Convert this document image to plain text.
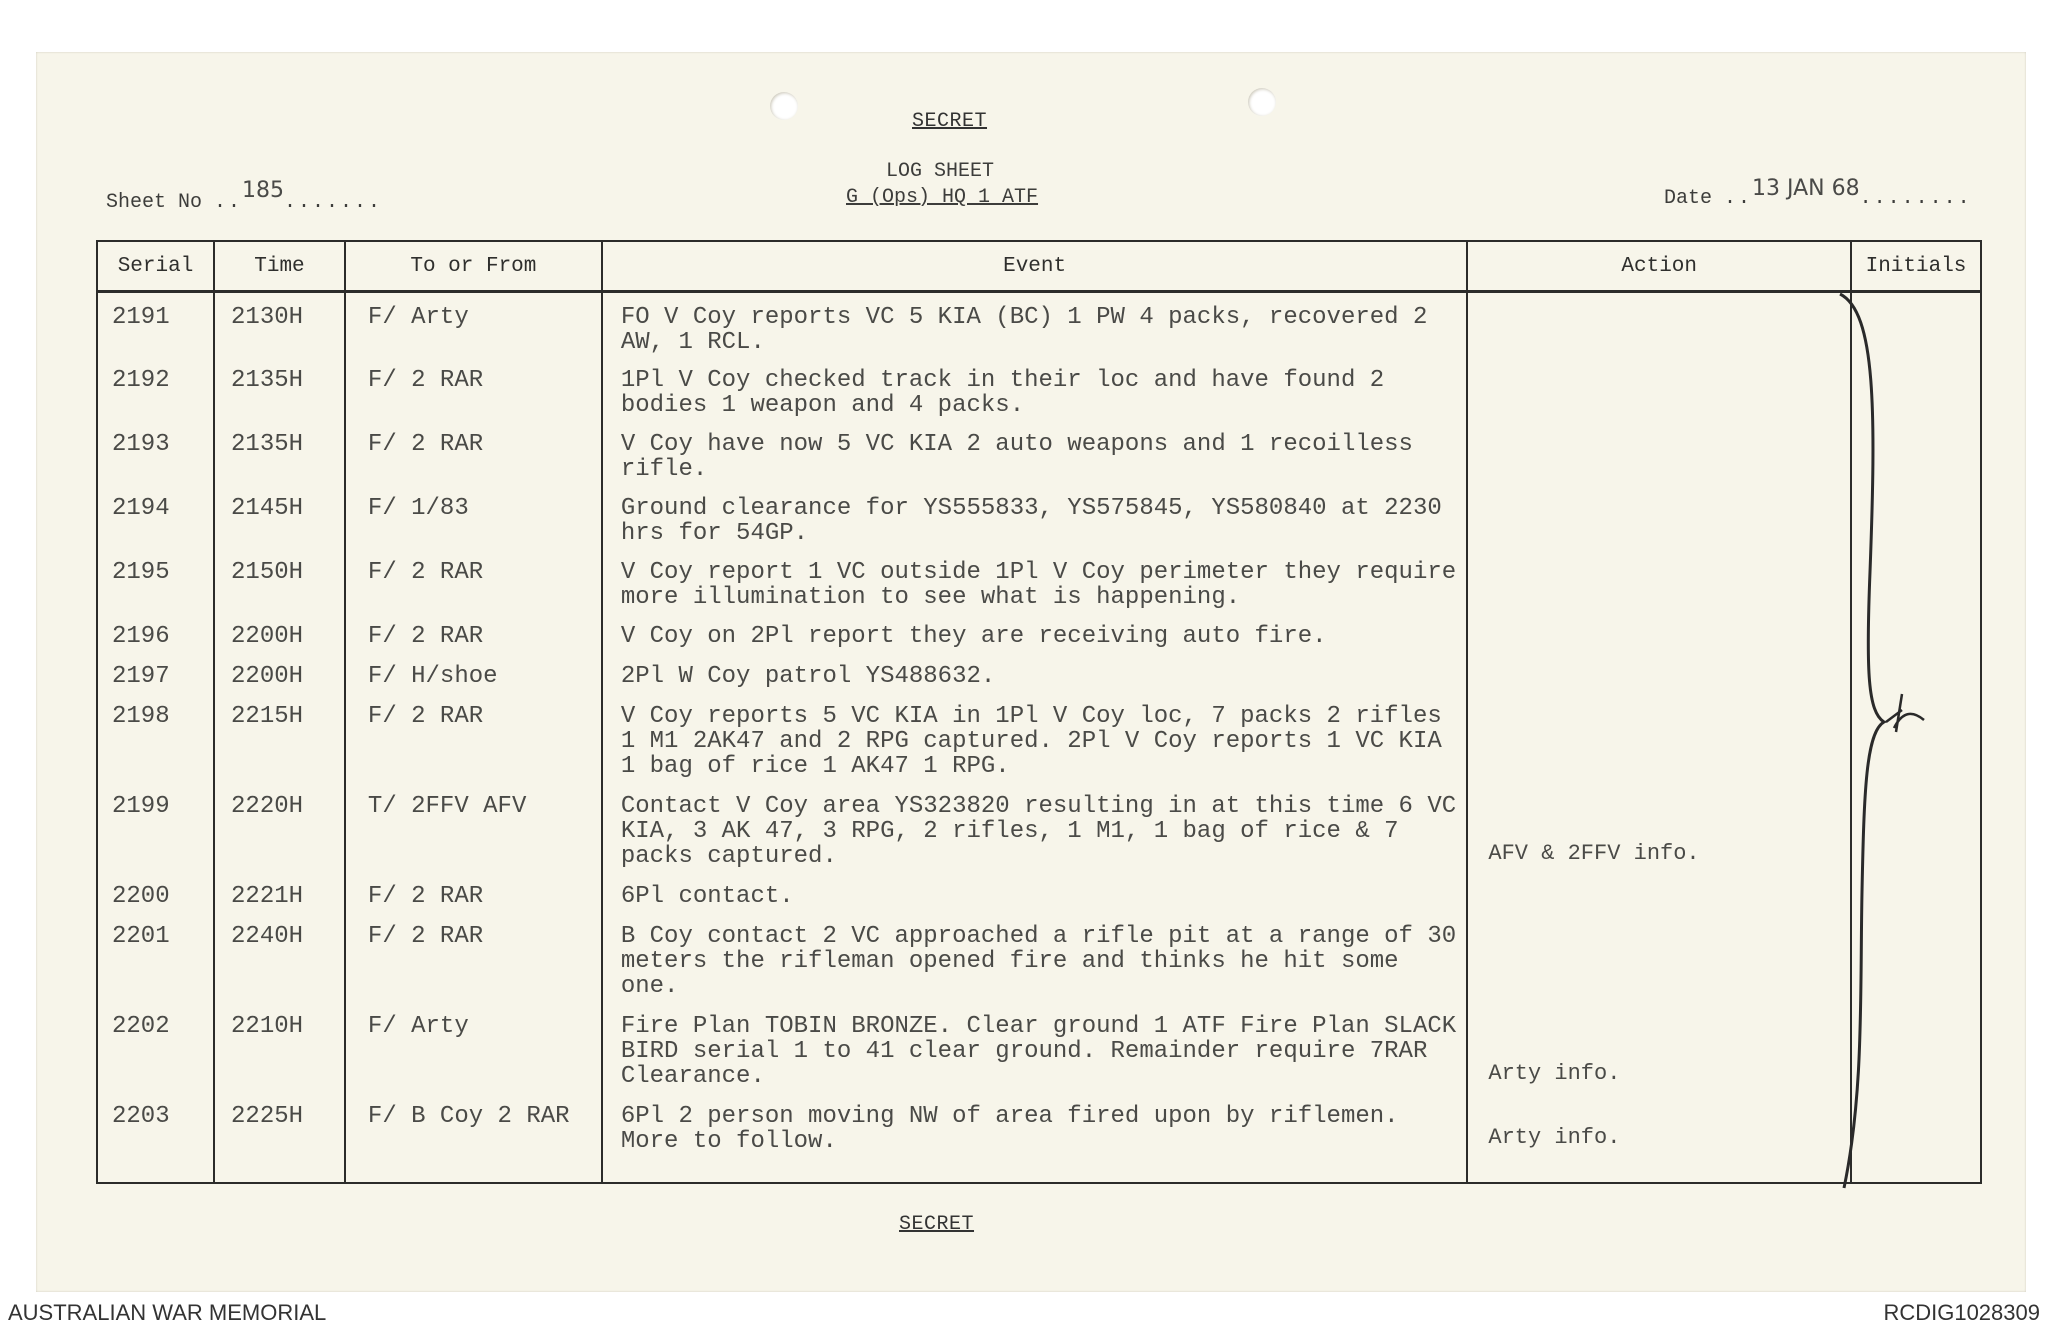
SECRET
LOG SHEET
G (Ops) HQ 1 ATF
Sheet No ..185.......	Date ..13 JAN 68........
Serial	Time	To or From	Event	Action	Initials
2191	2130H	F/ Arty	FO V Coy reports VC 5 KIA (BC) 1 PW 4 packs, recovered 2 AW, 1 RCL.		
2192	2135H	F/ 2 RAR	1Pl V Coy checked track in their loc and have found 2 bodies 1 weapon and 4 packs.		
2193	2135H	F/ 2 RAR	V Coy have now 5 VC KIA 2 auto weapons and 1 recoilless rifle.		
2194	2145H	F/ 1/83	Ground clearance for YS555833, YS575845, YS580840 at 2230 hrs for 54GP.		
2195	2150H	F/ 2 RAR	V Coy report 1 VC outside 1Pl V Coy perimeter they require more illumination to see what is happening.		
2196	2200H	F/ 2 RAR	V Coy on 2Pl report they are receiving auto fire.		
2197	2200H	F/ H/shoe	2Pl W Coy patrol YS488632.		
2198	2215H	F/ 2 RAR	V Coy reports 5 VC KIA in 1Pl V Coy loc, 7 packs 2 rifles 1 M1 2AK47 and 2 RPG captured. 2Pl V Coy reports 1 VC KIA 1 bag of rice 1 AK47 1 RPG.		
2199	2220H	T/ 2FFV AFV	Contact V Coy area YS323820 resulting in at this time 6 VC KIA, 3 AK 47, 3 RPG, 2 rifles, 1 M1, 1 bag of rice & 7 packs captured.	AFV & 2FFV info.	
2200	2221H	F/ 2 RAR	6Pl contact.		
2201	2240H	F/ 2 RAR	B Coy contact 2 VC approached a rifle pit at a range of 30 meters the rifleman opened fire and thinks he hit some one.		
2202	2210H	F/ Arty	Fire Plan TOBIN BRONZE. Clear ground 1 ATF Fire Plan SLACK BIRD serial 1 to 41 clear ground. Remainder require 7RAR Clearance.	Arty info.	
2203	2225H	F/ B Coy 2 RAR	6Pl 2 person moving NW of area fired upon by riflemen. More to follow.	Arty info.	

SECRET
AUSTRALIAN WAR MEMORIAL	RCDIG1028309
